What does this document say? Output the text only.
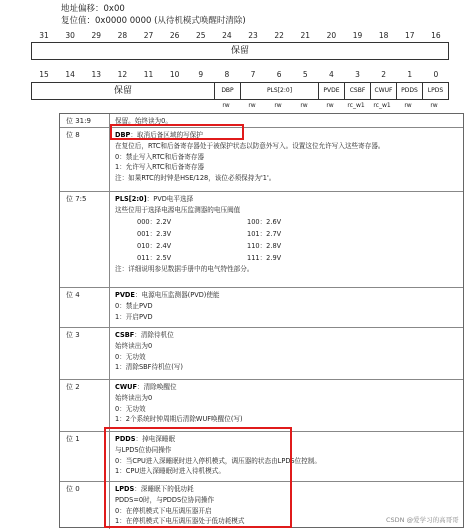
地址偏移：0x00
复位值：0x0000 0000 (从待机模式唤醒时清除)
31	30	29	28	27	26	25	24	23	22	21	20	19	18	17	16
保留
15	14	13	12	11	10	9	8	7	6	5	4	3	2	1	0
保留	DBP	PLS[2:0]	PVDE	CSBF	CWUF	PDDS	LPDS
rw	rw	rw	rw	rw	rc_w1	rc_w1	rw	rw
位 31:9	保留。始终读为0。
位 8	DBP：取消后备区域的写保护
在复位后，RTC和后备寄存器处于被保护状态以防意外写入。设置这位允许写入这些寄存器。
0：禁止写入RTC和后备寄存器
1：允许写入RTC和后备寄存器
注：如果RTC的时钟是HSE/128，该位必须保持为'1'。
位 7:5	PLS[2:0]：PVD电平选择
这些位用于选择电源电压监测器的电压阀值
000：2.2V	100：2.6V
001：2.3V	101：2.7V
010：2.4V	110：2.8V
011：2.5V	111：2.9V
注：详细说明参见数据手册中的电气特性部分。
位 4	PVDE：电源电压监测器(PVD)使能
0：禁止PVD
1：开启PVD
位 3	CSBF：清除待机位
始终读出为0
0：无功效
1：清除SBF待机位(写)
位 2	CWUF：清除唤醒位
始终读出为0
0：无功效
1：2个系统时钟周期后清除WUF唤醒位(写)
位 1	PDDS：掉电深睡眠
与LPDS位协同操作
0：当CPU进入深睡眠时进入停机模式，调压器的状态由LPDS位控制。
1：CPU进入深睡眠时进入待机模式。
位 0	LPDS：深睡眠下的低功耗
PDDS=0时，与PDDS位协同操作
0：在停机模式下电压调压器开启
1：在停机模式下电压调压器处于低功耗模式	CSDN @爱学习的高哥哥
